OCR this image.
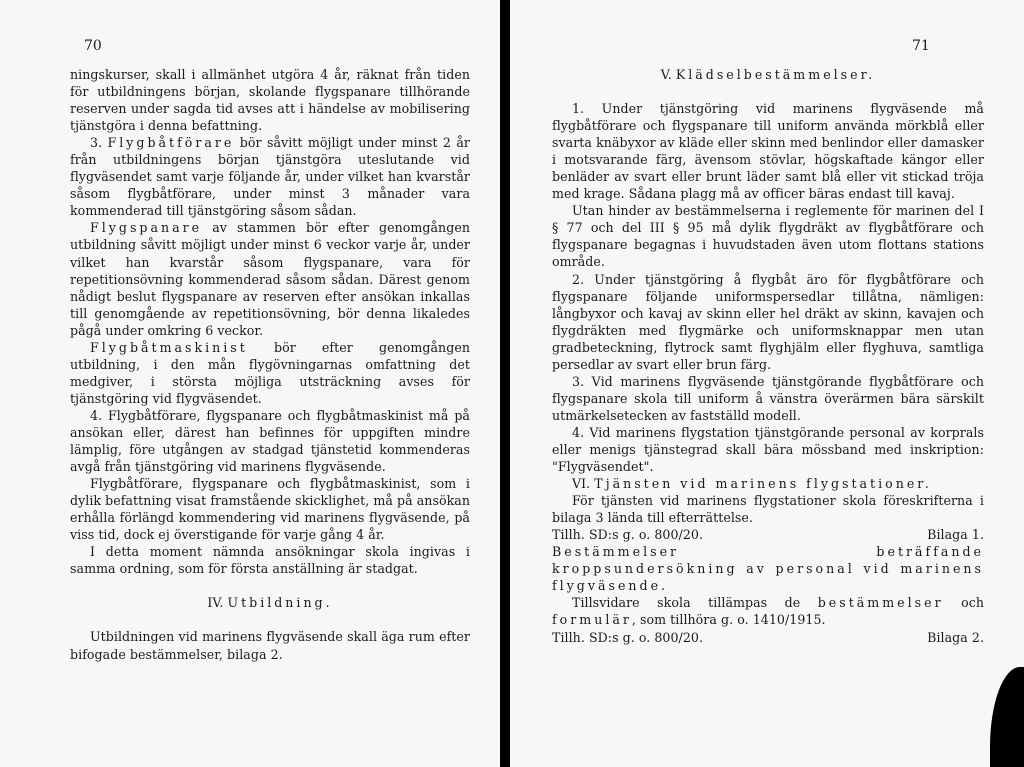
70

ningskurser, skall i allmänhet utgöra 4 år, räknat från tiden för utbildningens början, skolande flygspanare tillhörande reserven under sagda tid avses att i händelse av mobilisering tjänstgöra i denna befattning.

3. Flygbåtförare bör såvitt möjligt under minst 2 år från utbildningens början tjänstgöra uteslutande vid flygväsendet samt varje följande år, under vilket han kvarstår såsom flygbåtförare, under minst 3 månader vara kommenderad till tjänstgöring såsom sådan.

Flygspanare av stammen bör efter genomgången utbildning såvitt möjligt under minst 6 veckor varje år, under vilket han kvarstår såsom flygspanare, vara för repetitionsövning kommenderad såsom sådan. Därest genom nådigt beslut flygspanare av reserven efter ansökan inkallas till genomgående av repetitionsövning, bör denna likaledes pågå under omkring 6 veckor.

Flygbåtmaskinist bör efter genomgången utbildning, i den mån flygövningarnas omfattning det medgiver, i största möjliga utsträckning avses för tjänstgöring vid flygväsendet.

4. Flygbåtförare, flygspanare och flygbåtmaskinist må på ansökan eller, därest han befinnes för uppgiften mindre lämplig, före utgången av stadgad tjänstetid kommenderas avgå från tjänstgöring vid marinens flygväsende.

Flygbåtförare, flygspanare och flygbåtmaskinist, som i dylik befattning visat framstående skicklighet, må på ansökan erhålla förlängd kommendering vid marinens flygväsende, på viss tid, dock ej överstigande för varje gång 4 år.

I detta moment nämnda ansökningar skola ingivas i samma ordning, som för första anställning är stadgat.

IV. Utbildning.

Utbildningen vid marinens flygväsende skall äga rum efter bifogade bestämmelser, bilaga 2.

71

V. Klädselbestämmelser.

1. Under tjänstgöring vid marinens flygväsende må flygbåtförare och flygspanare till uniform använda mörkblå eller svarta knäbyxor av kläde eller skinn med benlindor eller damasker i motsvarande färg, ävensom stövlar, högskaftade kängor eller benläder av svart eller brunt läder samt blå eller vit stickad tröja med krage. Sådana plagg må av officer bäras endast till kavaj.

Utan hinder av bestämmelserna i reglemente för marinen del I § 77 och del III § 95 må dylik flygdräkt av flygbåtförare och flygspanare begagnas i huvudstaden även utom flottans stations område.

2. Under tjänstgöring å flygbåt äro för flygbåtförare och flygspanare följande uniformspersedlar tillåtna, nämligen: långbyxor och kavaj av skinn eller hel dräkt av skinn, kavajen och flygdräkten med flygmärke och uniformsknappar men utan gradbeteckning, flytrock samt flyghjälm eller flyghuva, samtliga persedlar av svart eller brun färg.

3. Vid marinens flygväsende tjänstgörande flygbåtförare och flygspanare skola till uniform å vänstra överärmen bära särskilt utmärkelsetecken av fastställd modell.

4. Vid marinens flygstation tjänstgörande personal av korprals eller menigs tjänstegrad skall bära mössband med inskription: "Flygväsendet".

VI. Tjänsten vid marinens flygstationer.

För tjänsten vid marinens flygstationer skola föreskrifterna i bilaga 3 lända till efterrättelse.

Tillh. SD:s g. o. 800/20.	Bilaga 1.

Bestämmelser beträffande kroppsundersökning av personal vid marinens flygväsende.

Tillsvidare skola tillämpas de bestämmelser och formulär, som tillhöra g. o. 1410/1915.

Tillh. SD:s g. o. 800/20.	Bilaga 2.
